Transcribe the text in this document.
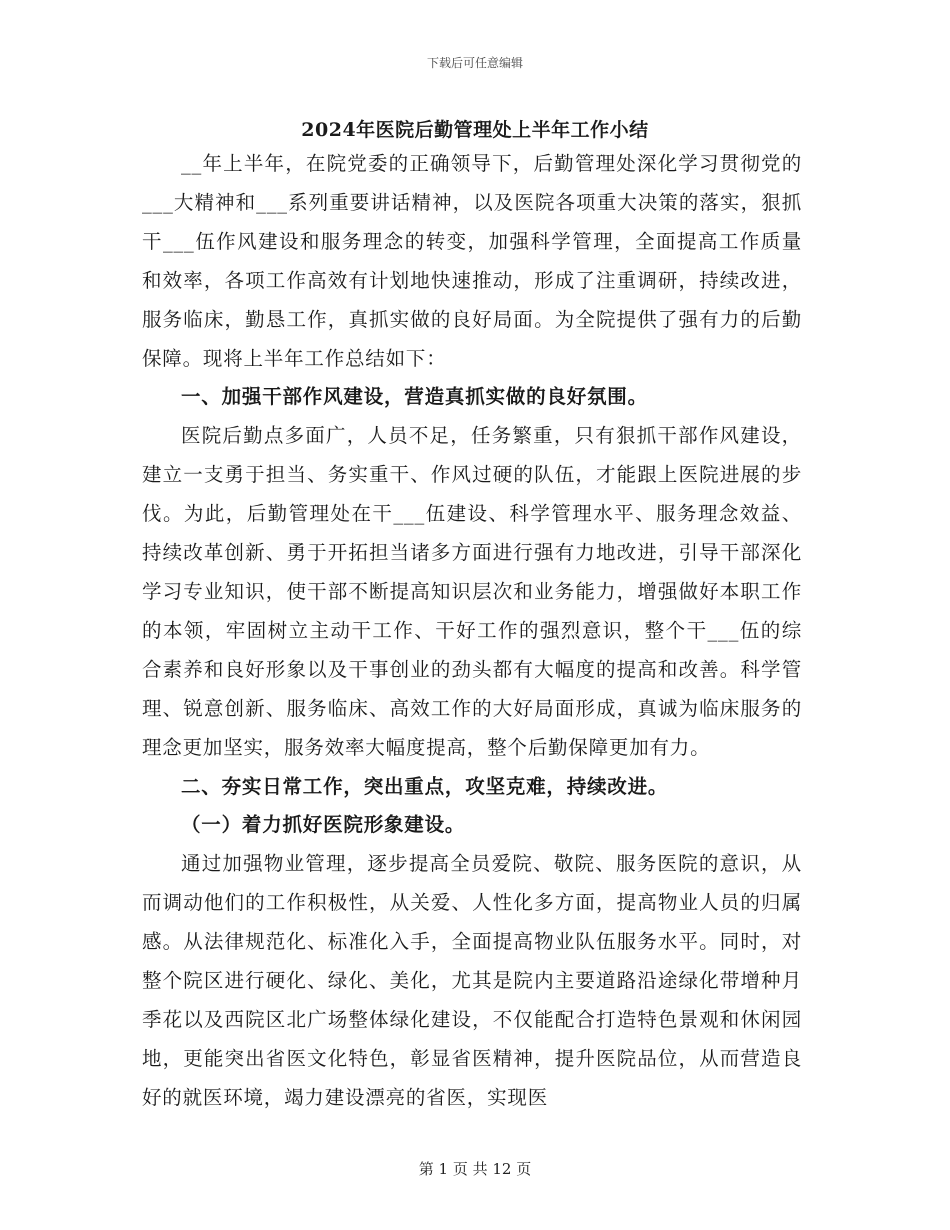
下载后可任意编辑
2024年医院后勤管理处上半年工作小结

__年上半年，在院党委的正确领导下，后勤管理处深化学习贯彻党的___大精神和___系列重要讲话精神，以及医院各项重大决策的落实，狠抓干___伍作风建设和服务理念的转变，加强科学管理，全面提高工作质量和效率，各项工作高效有计划地快速推动，形成了注重调研，持续改进，服务临床，勤恳工作，真抓实做的良好局面。为全院提供了强有力的后勤保障。现将上半年工作总结如下：

一、加强干部作风建设，营造真抓实做的良好氛围。

医院后勤点多面广，人员不足，任务繁重，只有狠抓干部作风建设，建立一支勇于担当、务实重干、作风过硬的队伍，才能跟上医院进展的步伐。为此，后勤管理处在干___伍建设、科学管理水平、服务理念效益、持续改革创新、勇于开拓担当诸多方面进行强有力地改进，引导干部深化学习专业知识，使干部不断提高知识层次和业务能力，增强做好本职工作的本领，牢固树立主动干工作、干好工作的强烈意识，整个干___伍的综合素养和良好形象以及干事创业的劲头都有大幅度的提高和改善。科学管理、锐意创新、服务临床、高效工作的大好局面形成，真诚为临床服务的理念更加坚实，服务效率大幅度提高，整个后勤保障更加有力。

二、夯实日常工作，突出重点，攻坚克难，持续改进。

（一）着力抓好医院形象建设。

通过加强物业管理，逐步提高全员爱院、敬院、服务医院的意识，从而调动他们的工作积极性，从关爱、人性化多方面，提高物业人员的归属感。从法律规范化、标准化入手，全面提高物业队伍服务水平。同时，对整个院区进行硬化、绿化、美化，尤其是院内主要道路沿途绿化带增种月季花以及西院区北广场整体绿化建设，不仅能配合打造特色景观和休闲园地，更能突出省医文化特色，彰显省医精神，提升医院品位，从而营造良好的就医环境，竭力建设漂亮的省医，实现医

第 1 页 共 12 页
